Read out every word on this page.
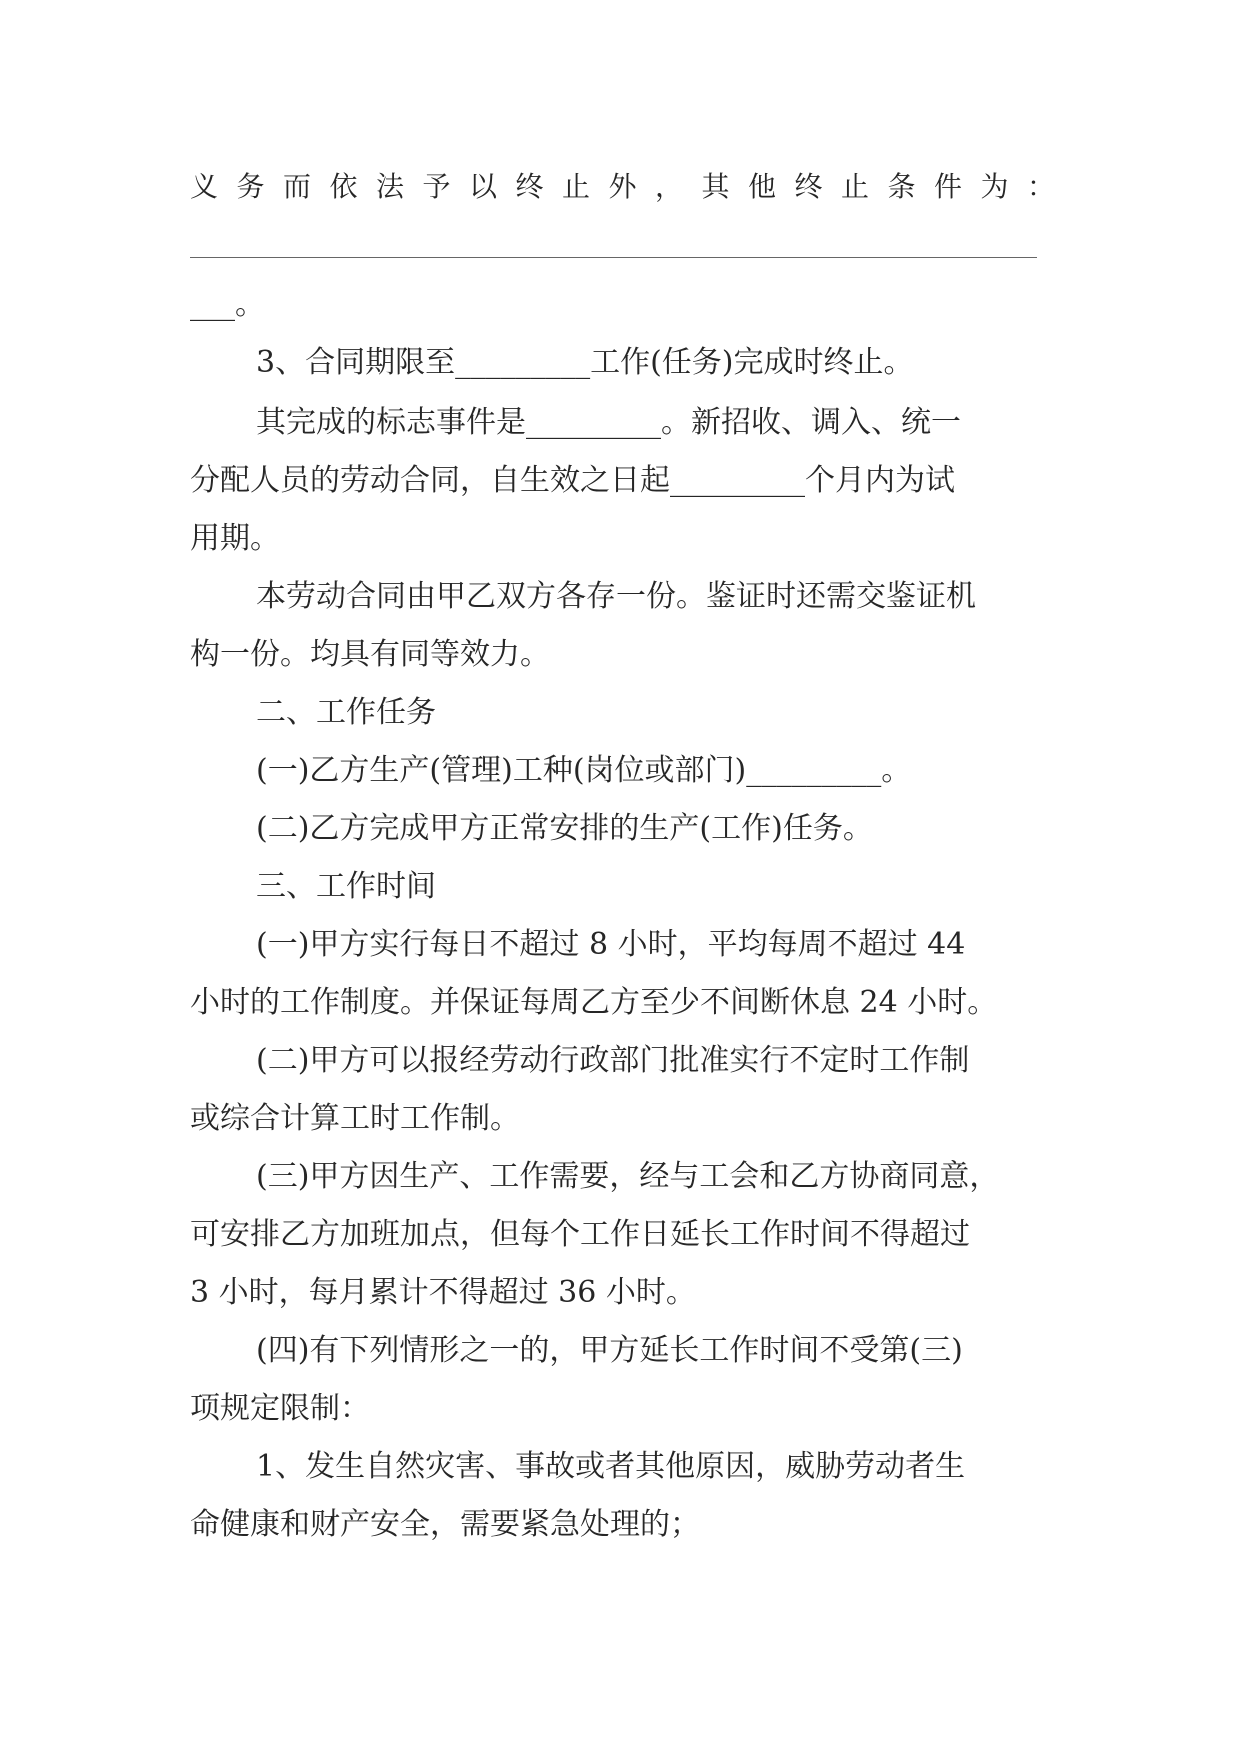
义务而依法予以终止外，其他终止条件为：
___。
3、合同期限至_________工作(任务)完成时终止。
其完成的标志事件是_________。新招收、调入、统一
分配人员的劳动合同，自生效之日起_________个月内为试
用期。
本劳动合同由甲乙双方各存一份。鉴证时还需交鉴证机
构一份。均具有同等效力。
二、工作任务
(一)乙方生产(管理)工种(岗位或部门)_________。
(二)乙方完成甲方正常安排的生产(工作)任务。
三、工作时间
(一)甲方实行每日不超过 8 小时，平均每周不超过 44
小时的工作制度。并保证每周乙方至少不间断休息 24 小时。
(二)甲方可以报经劳动行政部门批准实行不定时工作制
或综合计算工时工作制。
(三)甲方因生产、工作需要，经与工会和乙方协商同意，
可安排乙方加班加点，但每个工作日延长工作时间不得超过
3 小时，每月累计不得超过 36 小时。
(四)有下列情形之一的，甲方延长工作时间不受第(三)
项规定限制：
1、发生自然灾害、事故或者其他原因，威胁劳动者生
命健康和财产安全，需要紧急处理的；
